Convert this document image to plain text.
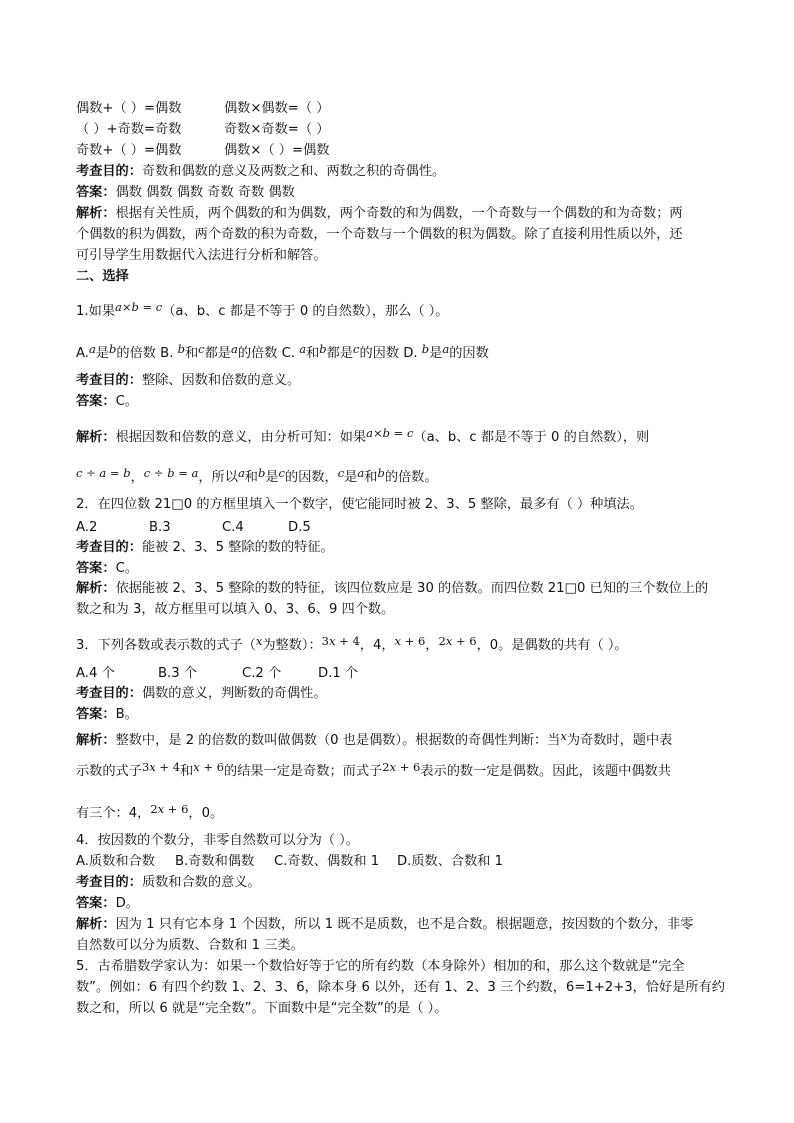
偶数+（ ）=偶数	偶数×偶数=（ ）
（ ）+奇数=奇数	奇数×奇数=（ ）
奇数+（ ）=偶数	偶数×（ ）=偶数
考查目的：奇数和偶数的意义及两数之和、两数之积的奇偶性。
答案：偶数 偶数 偶数 奇数 奇数 偶数
解析：根据有关性质，两个偶数的和为偶数，两个奇数的和为偶数，一个奇数与一个偶数的和为奇数；两
个偶数的积为偶数，两个奇数的积为奇数，一个奇数与一个偶数的积为偶数。除了直接利用性质以外，还
可引导学生用数据代入法进行分析和解答。
二、选择
1.如果a×b = c（a、b、c 都是不等于 0 的自然数），那么（ ）。
A.a是b的倍数 B. b和c都是a的倍数 C. a和b都是c的因数 D. b是a的因数
考查目的：整除、因数和倍数的意义。
答案：C。
解析：根据因数和倍数的意义，由分析可知：如果a×b = c（a、b、c 都是不等于 0 的自然数），则
c ÷ a = b，c ÷ b = a，所以a和b是c的因数，c是a和b的倍数。
2．在四位数 21□0 的方框里填入一个数字，使它能同时被 2、3、5 整除，最多有（ ）种填法。
A.2	B.3	C.4	D.5
考查目的：能被 2、3、5 整除的数的特征。
答案：C。
解析：依据能被 2、3、5 整除的数的特征，该四位数应是 30 的倍数。而四位数 21□0 已知的三个数位上的
数之和为 3，故方框里可以填入 0、3、6、9 四个数。
3．下列各数或表示数的式子（x为整数）：3x + 4，4，x + 6，2x + 6，0。是偶数的共有（ ）。
A.4 个	B.3 个	C.2 个	D.1 个
考查目的：偶数的意义，判断数的奇偶性。
答案：B。
解析：整数中，是 2 的倍数的数叫做偶数（0 也是偶数）。根据数的奇偶性判断：当x为奇数时，题中表
示数的式子3x + 4和x + 6的结果一定是奇数；而式子2x + 6表示的数一定是偶数。因此，该题中偶数共
有三个：4，2x + 6，0。
4．按因数的个数分，非零自然数可以分为（ ）。
A.质数和合数 B.奇数和偶数 C.奇数、偶数和 1 D.质数、合数和 1
考查目的：质数和合数的意义。
答案：D。
解析：因为 1 只有它本身 1 个因数，所以 1 既不是质数，也不是合数。根据题意，按因数的个数分，非零
自然数可以分为质数、合数和 1 三类。
5．古希腊数学家认为：如果一个数恰好等于它的所有约数（本身除外）相加的和，那么这个数就是“完全
数”。例如：6 有四个约数 1、2、3、6，除本身 6 以外，还有 1、2、3 三个约数，6=1+2+3，恰好是所有约
数之和，所以 6 就是“完全数”。下面数中是“完全数”的是（ ）。
